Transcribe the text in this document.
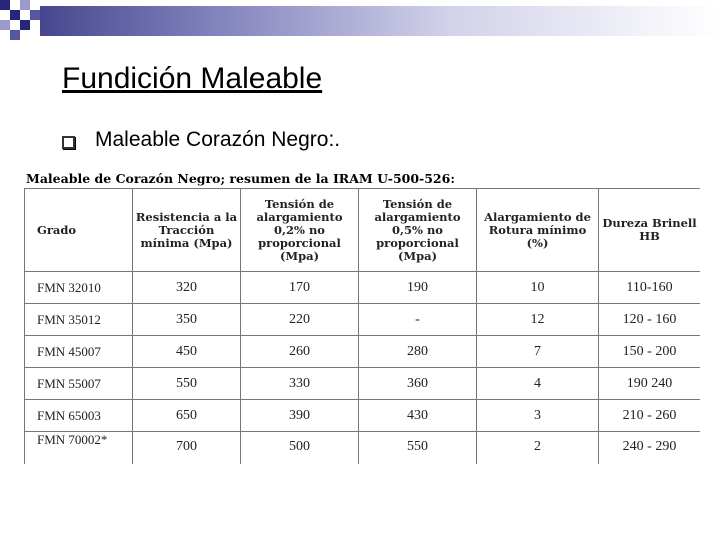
Fundición Maleable
Maleable Corazón Negro:.
Maleable de Corazón Negro; resumen de la IRAM U-500-526:
Grado	Resistencia a la Tracción mínima (Mpa)	Tensión de alargamiento 0,2% no proporcional (Mpa)	Tensión de alargamiento 0,5% no proporcional (Mpa)	Alargamiento de Rotura mínimo (%)	Dureza Brinell HB
FMN 32010	320	170	190	10	110-160
FMN 35012	350	220	-	12	120 - 160
FMN 45007	450	260	280	7	150 - 200
FMN 55007	550	330	360	4	190 240
FMN 65003	650	390	430	3	210 - 260
FMN 70002*	700	500	550	2	240 - 290
